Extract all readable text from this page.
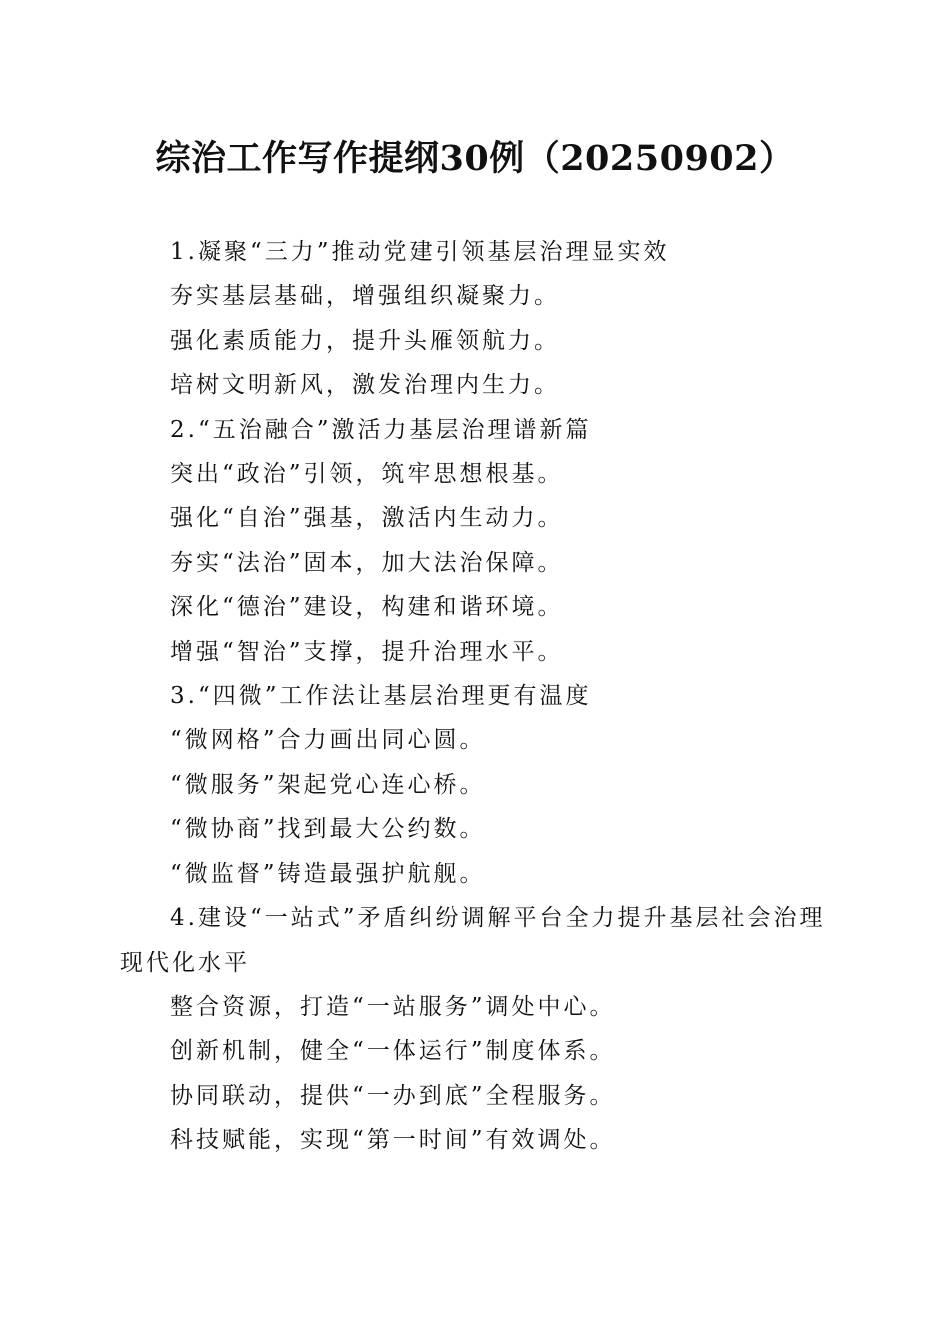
综治工作写作提纲30例（20250902）

1.凝聚“三力”推动党建引领基层治理显实效

夯实基层基础，增强组织凝聚力。

强化素质能力，提升头雁领航力。

培树文明新风，激发治理内生力。

2.“五治融合”激活力基层治理谱新篇

突出“政治”引领，筑牢思想根基。

强化“自治”强基，激活内生动力。

夯实“法治”固本，加大法治保障。

深化“德治”建设，构建和谐环境。

增强“智治”支撑，提升治理水平。

3.“四微”工作法让基层治理更有温度

“微网格”合力画出同心圆。

“微服务”架起党心连心桥。

“微协商”找到最大公约数。

“微监督”铸造最强护航舰。

4.建设“一站式”矛盾纠纷调解平台全力提升基层社会治理现代化水平

整合资源，打造“一站服务”调处中心。

创新机制，健全“一体运行”制度体系。

协同联动，提供“一办到底”全程服务。

科技赋能，实现“第一时间”有效调处。
